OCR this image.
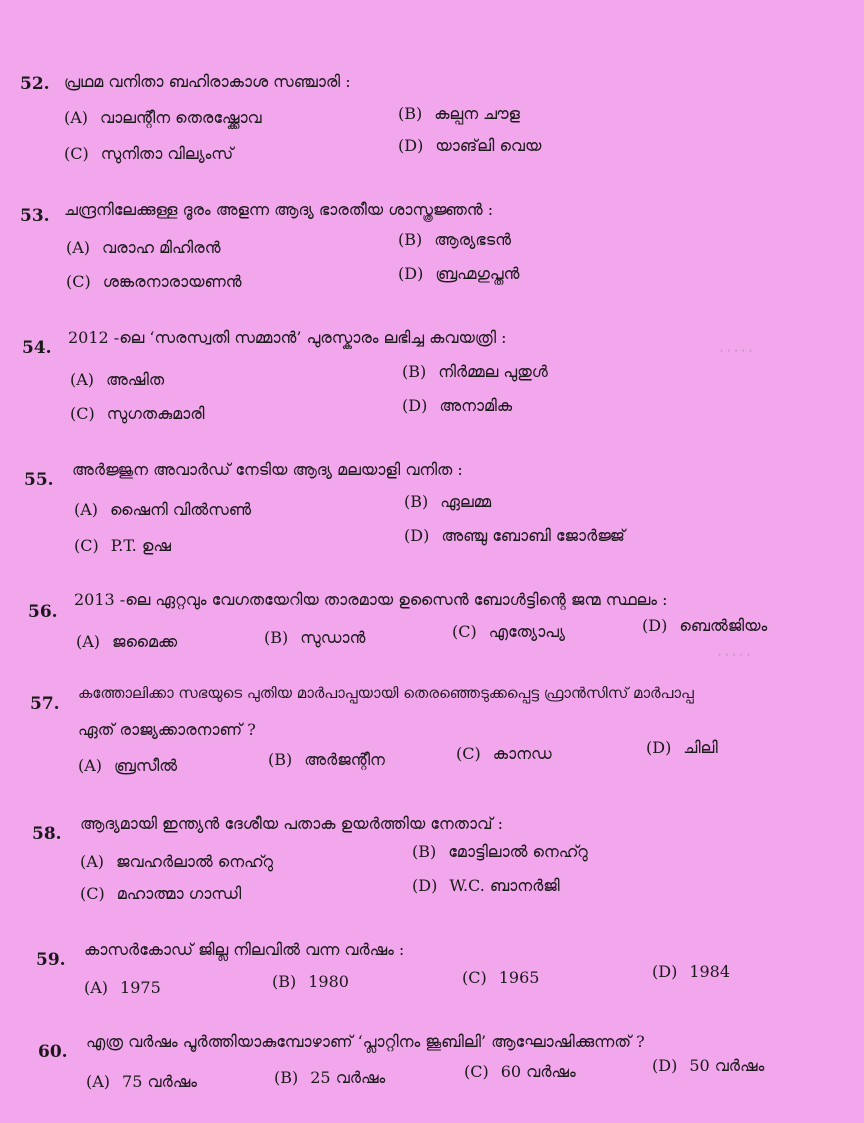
52. പ്രഥമ വനിതാ ബഹിരാകാശ സഞ്ചാരി :
(A) വാലന്റീന തെരഷ്ക്കോവ	(B) കല്പന ചൗള
(C) സുനിതാ വില്യംസ്	(D) യാങ്‌ലി വെയ
53. ചന്ദ്രനിലേക്കുള്ള ദൂരം അളന്ന ആദ്യ ഭാരതീയ ശാസ്ത്രജ്ഞൻ :
(A) വരാഹ മിഹിരൻ	(B) ആര്യഭടൻ
(C) ശങ്കരനാരായണൻ	(D) ബ്രഹ്മഗുപ്തൻ
54.
2012 -ലെ ‘സരസ്വതി സമ്മാൻ’ പുരസ്കാരം ലഭിച്ച കവയത്രി :
(A) അഷിത	(B) നിർമ്മല പുതുൾ
(C) സുഗതകുമാരി	(D) അനാമിക
·····
55.
അർജ്ജുന അവാർഡ് നേടിയ ആദ്യ മലയാളി വനിത :
(A) ഷൈനി വിൽസൺ	(B) ഏലമ്മ
(C) P.T. ഉഷ
(D) അഞ്ചു ബോബി ജോർജ്ജ്
56.
2013 -ലെ ഏറ്റവും വേഗതയേറിയ താരമായ ഉസൈൻ ബോൾട്ടിന്റെ ജന്മ സ്ഥലം :
(A) ജമൈക്ക	(B) സുഡാൻ	(C) എത്യോപ്യ	(D) ബെൽജിയം
·····
57.
കത്തോലിക്കാ സഭയുടെ പുതിയ മാർപാപ്പയായി തെരഞ്ഞെടുക്കപ്പെട്ട ഫ്രാൻസിസ് മാർപാപ്പ
ഏത് രാജ്യക്കാരനാണ് ?
(A) ബ്രസീൽ	(B) അർജന്റീന	(C) കാനഡ	(D) ചിലി
58.
ആദ്യമായി ഇന്ത്യൻ ദേശീയ പതാക ഉയർത്തിയ നേതാവ് :
(A) ജവഹർലാൽ നെഹ്റു
(B) മോട്ടിലാൽ നെഹ്റു
(C) മഹാത്മാ ഗാന്ധി	(D) W.C. ബാനർജി
59.
കാസർകോഡ് ജില്ല നിലവിൽ വന്ന വർഷം :
(A) 1975	(B) 1980	(C) 1965	(D) 1984
60.
എത്ര വർഷം പൂർത്തിയാകുമ്പോഴാണ് ‘പ്ലാറ്റിനം ജൂബിലി’ ആഘോഷിക്കുന്നത് ?
(A) 75 വർഷം	(B) 25 വർഷം	(C) 60 വർഷം	(D) 50 വർഷം
